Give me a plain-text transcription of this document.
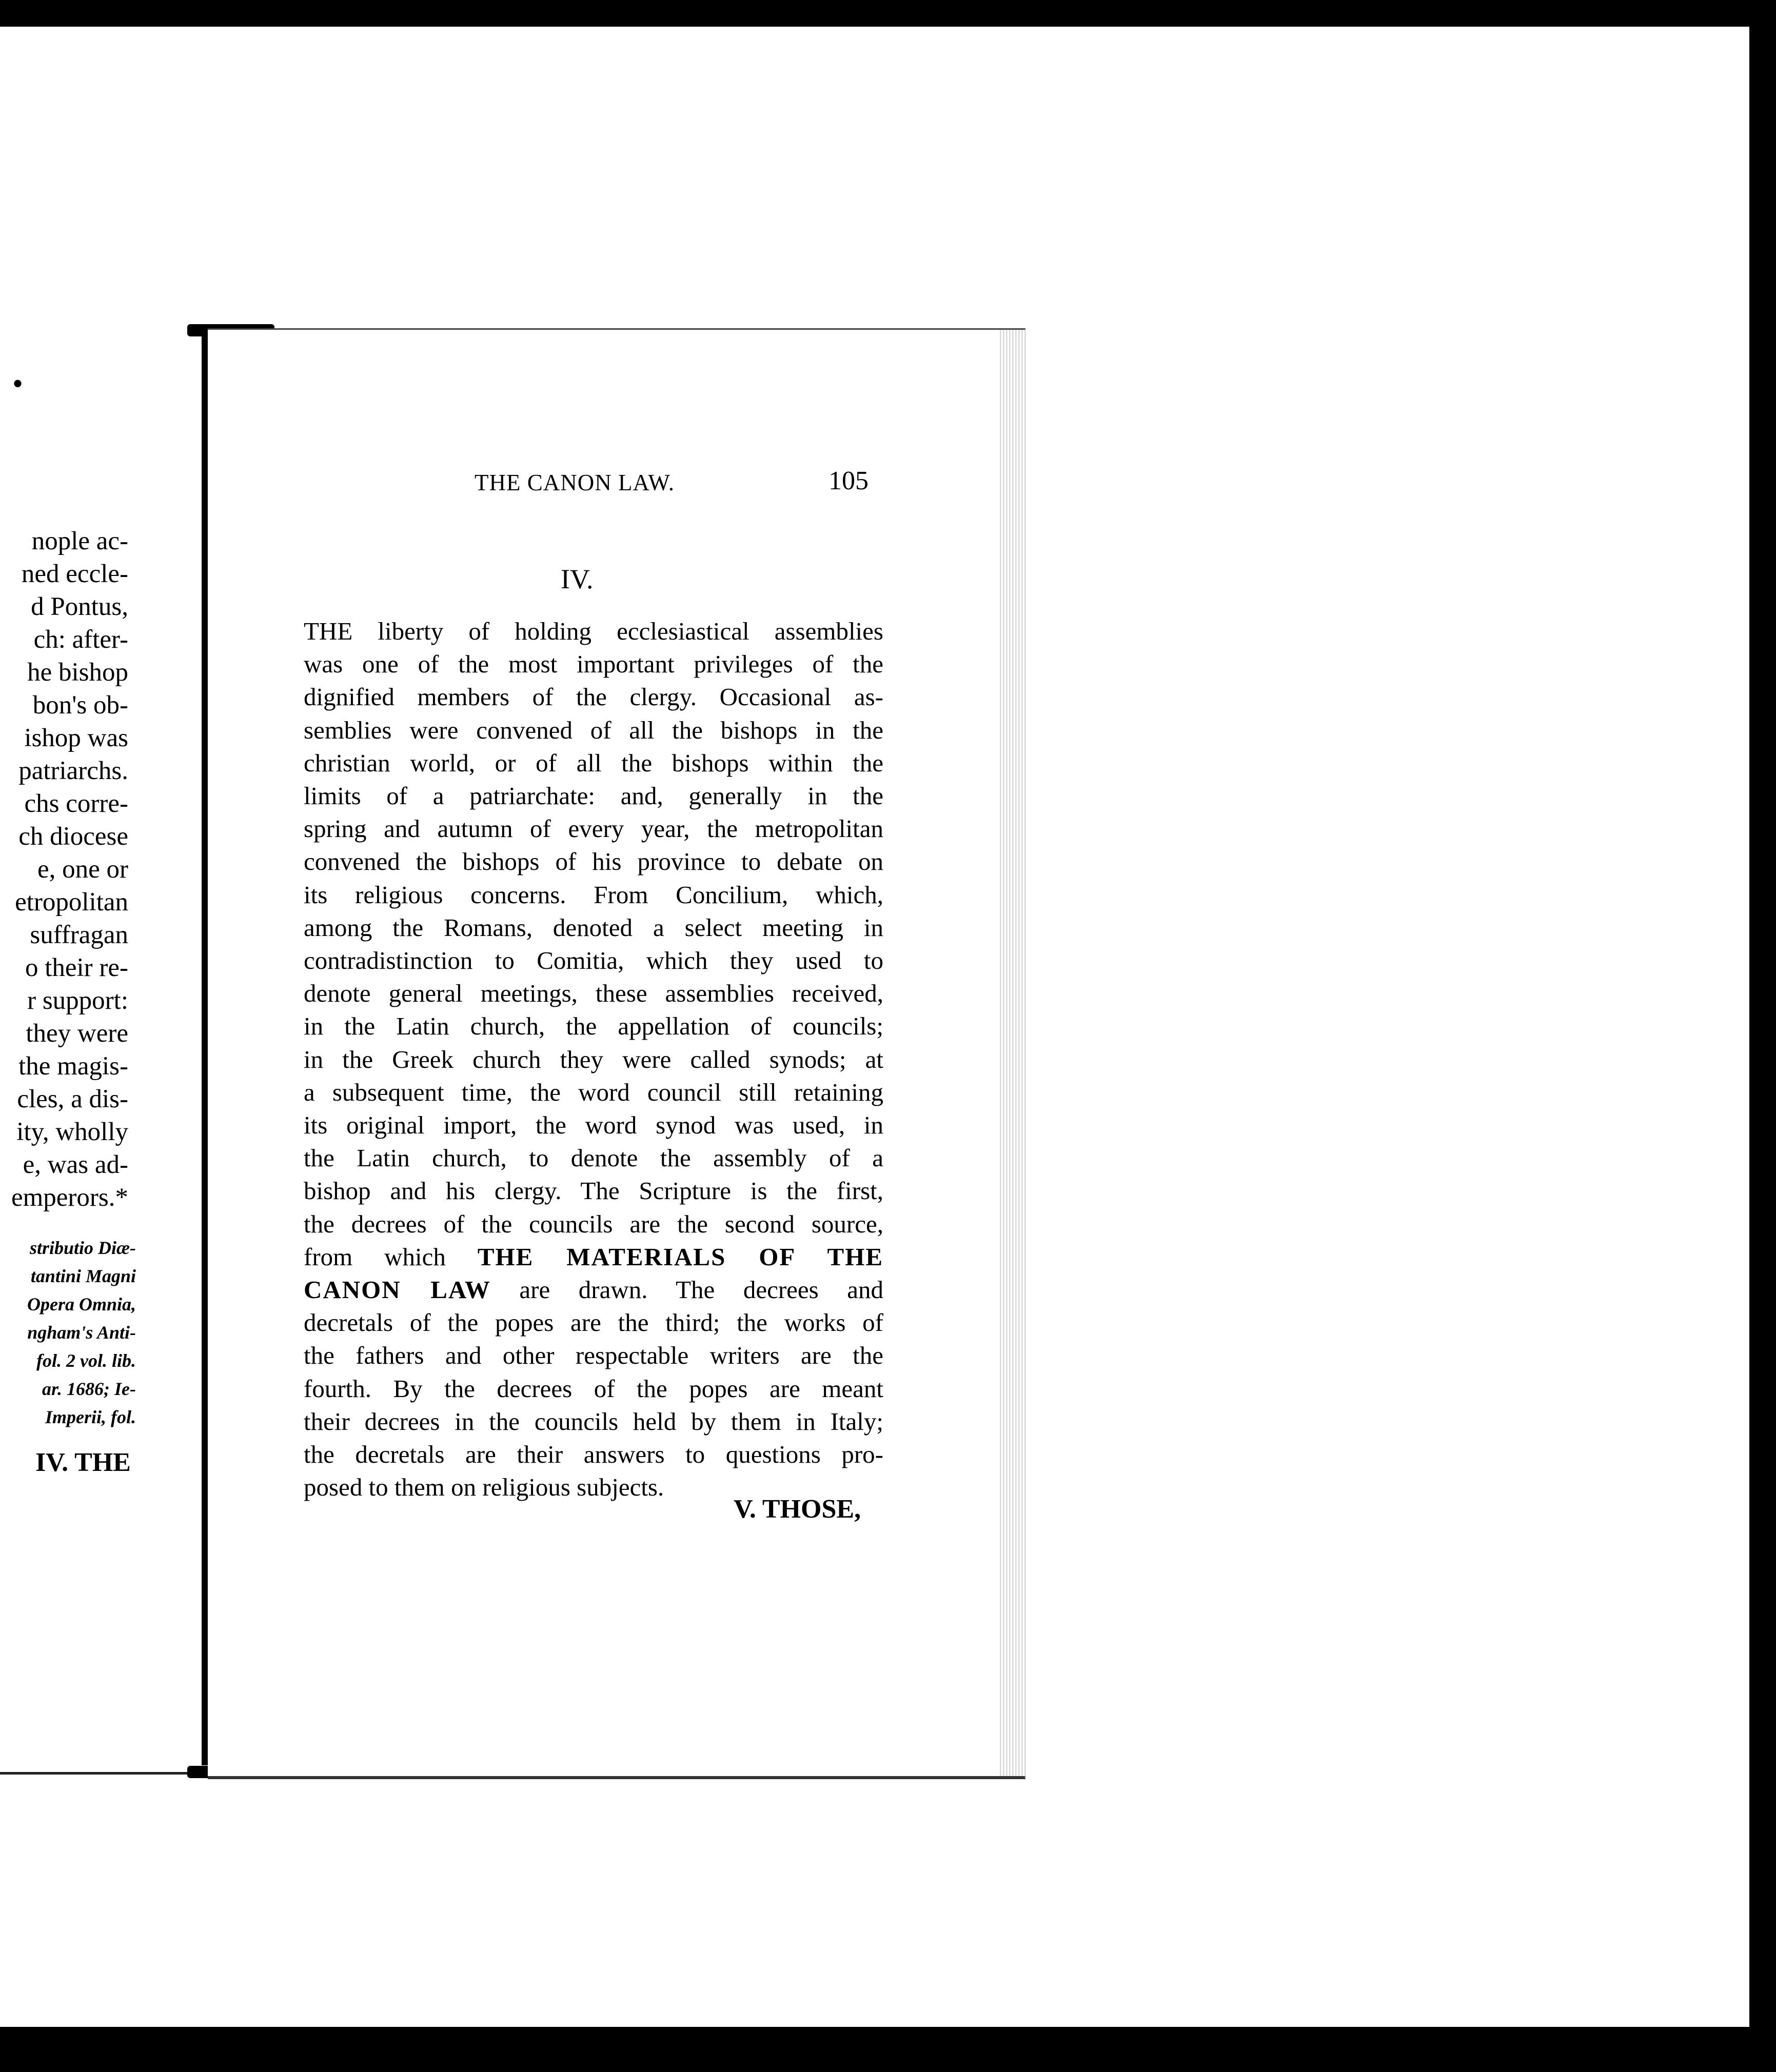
•
nople ac-
ned eccle-
d Pontus,
ch: after-
he bishop
bon's ob-
ishop was
patriarchs.
chs corre-
ch diocese
e, one or
etropolitan
suffragan
o their re-
r support:
they were
the magis-
cles, a dis-
ity, wholly
e, was ad-
emperors.*
stributio Diæ-
tantini Magni
Opera Omnia,
ngham's Anti-
fol. 2 vol. lib.
ar. 1686; Ie-
Imperii, fol.
IV. THE
THE CANON LAW.	105
IV.
THE liberty of holding ecclesiastical assemblies
was one of the most important privileges of the
dignified members of the clergy. Occasional as-
semblies were convened of all the bishops in the
christian world, or of all the bishops within the
limits of a patriarchate: and, generally in the
spring and autumn of every year, the metropolitan
convened the bishops of his province to debate on
its religious concerns. From Concilium, which,
among the Romans, denoted a select meeting in
contradistinction to Comitia, which they used to
denote general meetings, these assemblies received,
in the Latin church, the appellation of councils;
in the Greek church they were called synods; at
a subsequent time, the word council still retaining
its original import, the word synod was used, in
the Latin church, to denote the assembly of a
bishop and his clergy. The Scripture is the first,
the decrees of the councils are the second source,
from which THE MATERIALS OF THE
CANON LAW are drawn. The decrees and
decretals of the popes are the third; the works of
the fathers and other respectable writers are the
fourth. By the decrees of the popes are meant
their decrees in the councils held by them in Italy;
the decretals are their answers to questions pro-
posed to them on religious subjects.
V. THOSE,
